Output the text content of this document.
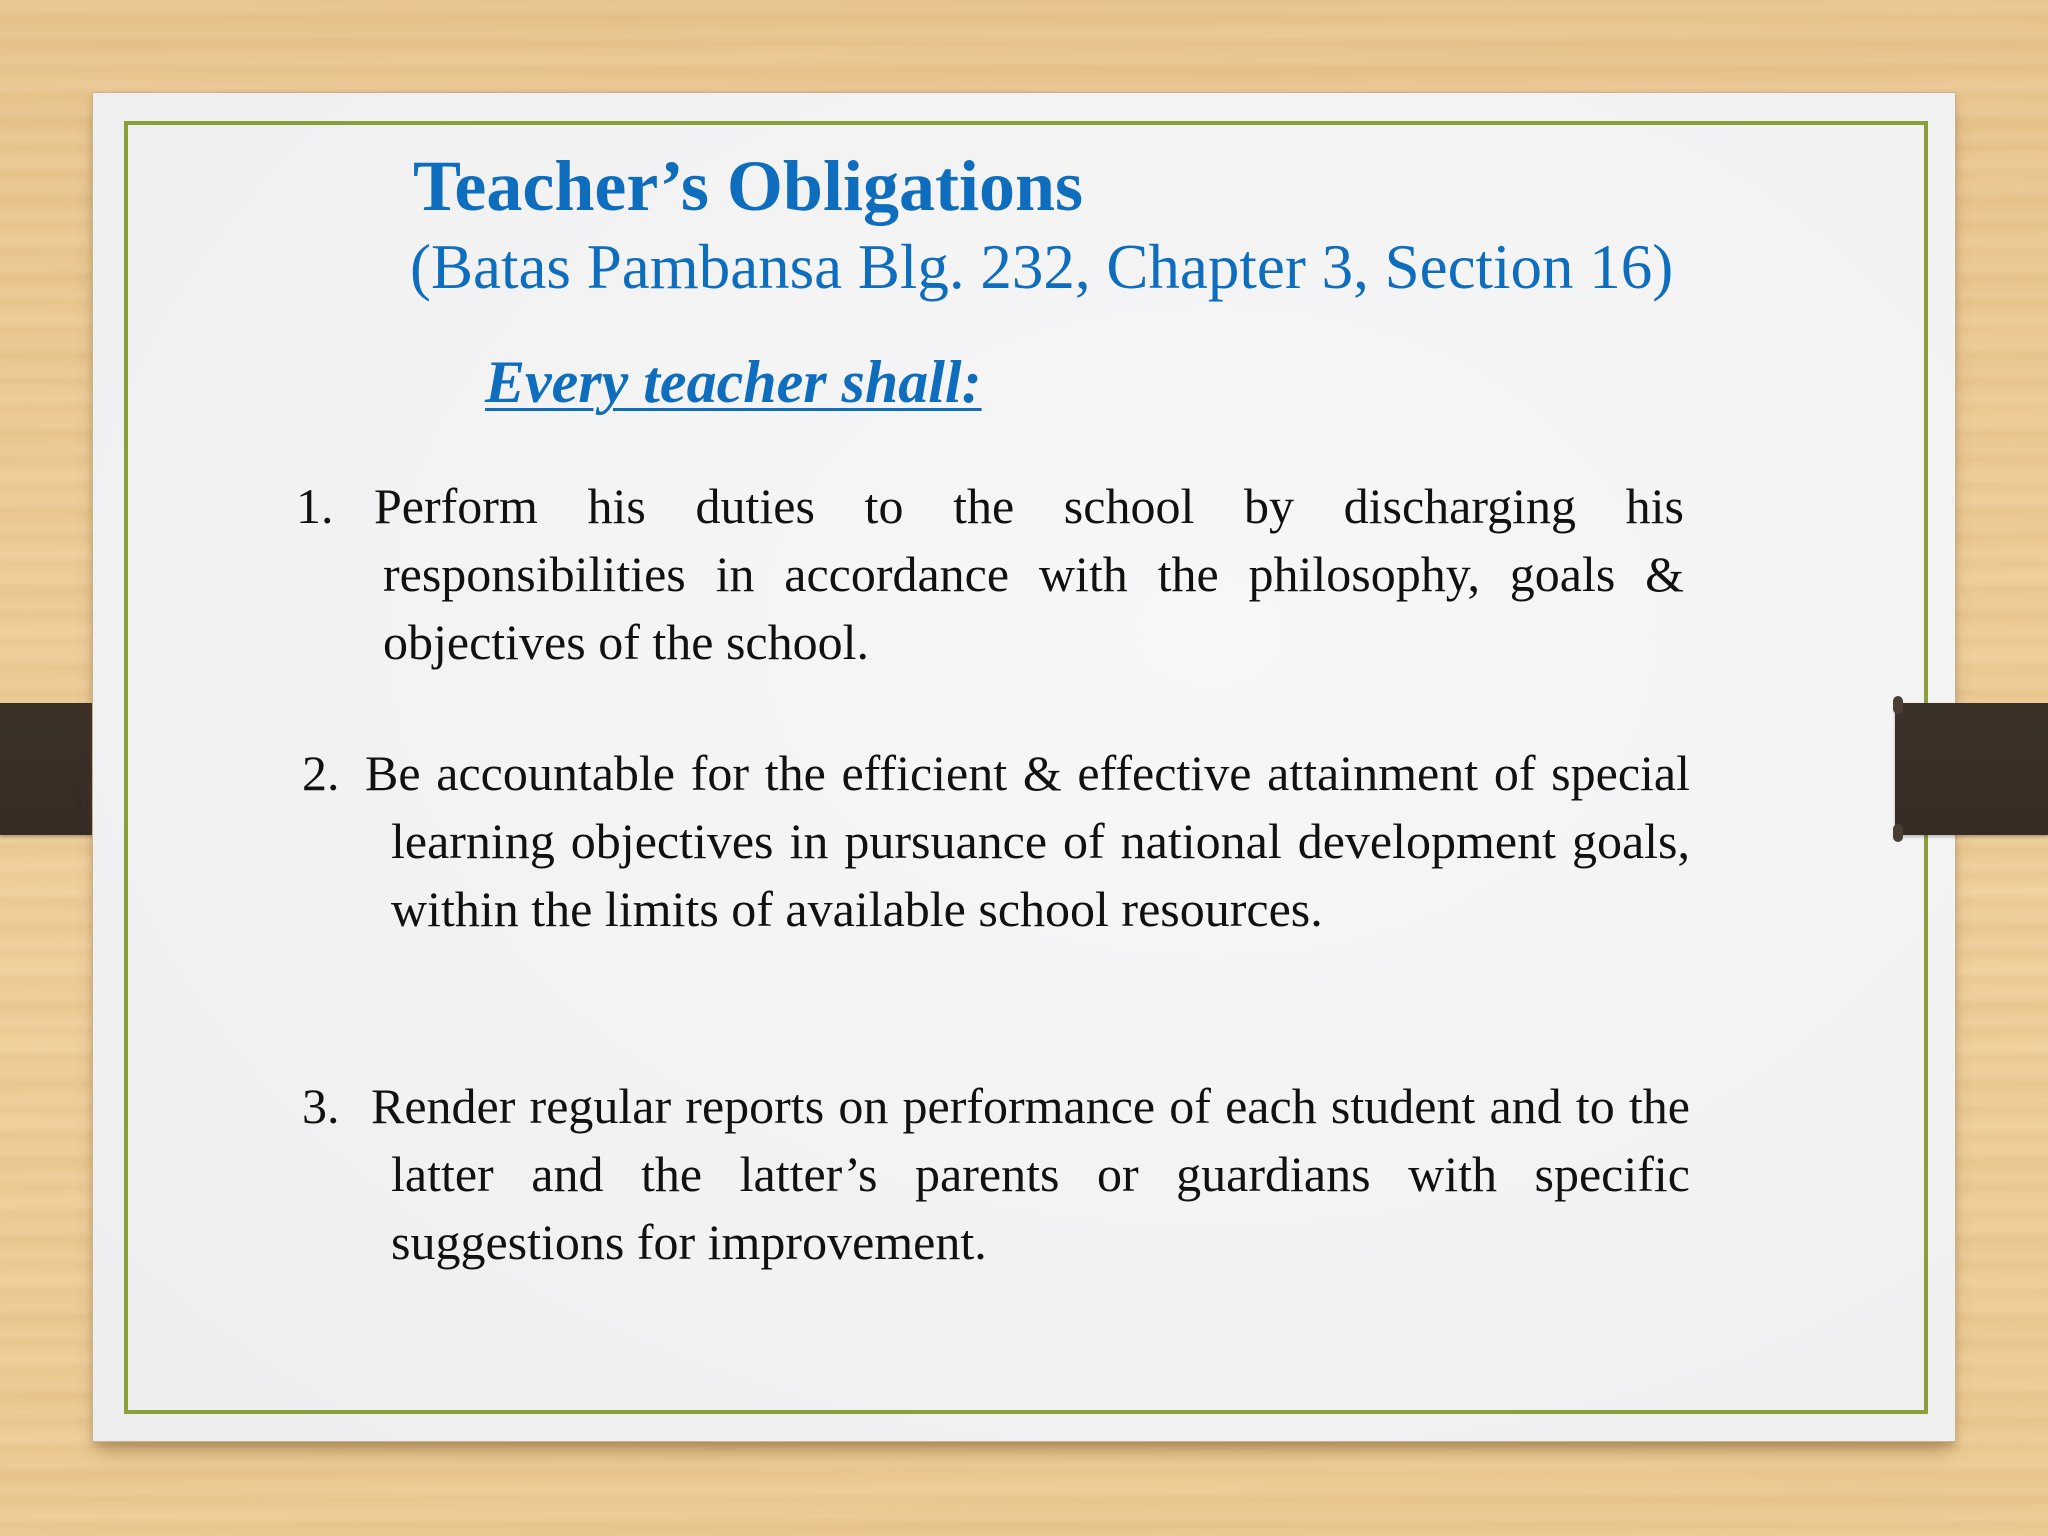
Teacher’s Obligations
(Batas Pambansa Blg. 232, Chapter 3, Section 16)

Every teacher shall:

1. Perform his duties to the school by discharging his responsibilities in accordance with the philosophy, goals & objectives of the school.
2. Be accountable for the efficient & effective attainment of special learning objectives in pursuance of national development goals, within the limits of available school resources.
3. Render regular reports on performance of each student and to the latter and the latter’s parents or guardians with specific suggestions for improvement.
